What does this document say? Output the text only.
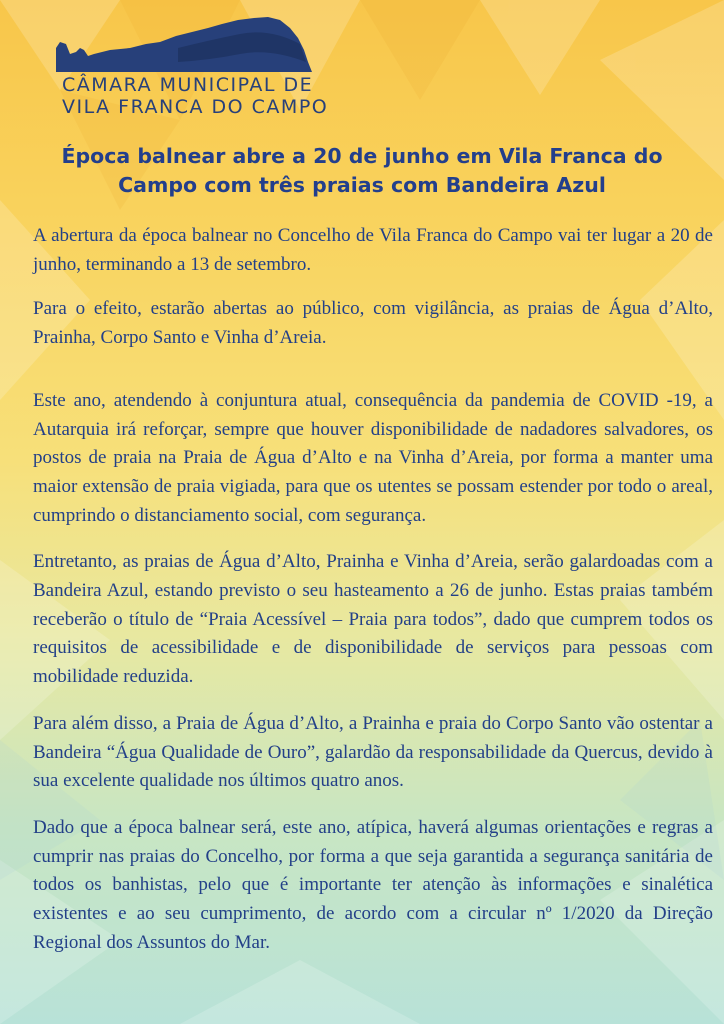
CÂMARA MUNICIPAL DE
VILA FRANCA DO CAMPO
Época balnear abre a 20 de junho em Vila Franca do Campo com três praias com Bandeira Azul

A abertura da época balnear no Concelho de Vila Franca do Campo vai ter lugar a 20 de junho, terminando a 13 de setembro.

Para o efeito, estarão abertas ao público, com vigilância, as praias de Água d’Alto, Prainha, Corpo Santo e Vinha d’Areia.

Este ano, atendendo à conjuntura atual, consequência da pandemia de COVID -19, a Autarquia irá reforçar, sempre que houver disponibilidade de nadadores salvadores, os postos de praia na Praia de Água d’Alto e na Vinha d’Areia, por forma a manter uma maior extensão de praia vigiada, para que os utentes se possam estender por todo o areal, cumprindo o distanciamento social, com segurança.

Entretanto, as praias de Água d’Alto, Prainha e Vinha d’Areia, serão galardoadas com a Bandeira Azul, estando previsto o seu hasteamento a 26 de junho. Estas praias também receberão o título de “Praia Acessível – Praia para todos”, dado que cumprem todos os requisitos de acessibilidade e de disponibilidade de serviços para pessoas com mobilidade reduzida.

Para além disso, a Praia de Água d’Alto, a Prainha e praia do Corpo Santo vão ostentar a Bandeira “Água Qualidade de Ouro”, galardão da responsabilidade da Quercus, devido à sua excelente qualidade nos últimos quatro anos.

Dado que a época balnear será, este ano, atípica, haverá algumas orientações e regras a cumprir nas praias do Concelho, por forma a que seja garantida a segurança sanitária de todos os banhistas, pelo que é importante ter atenção às informações e sinalética existentes e ao seu cumprimento, de acordo com a circular nº 1/2020 da Direção Regional dos Assuntos do Mar.
